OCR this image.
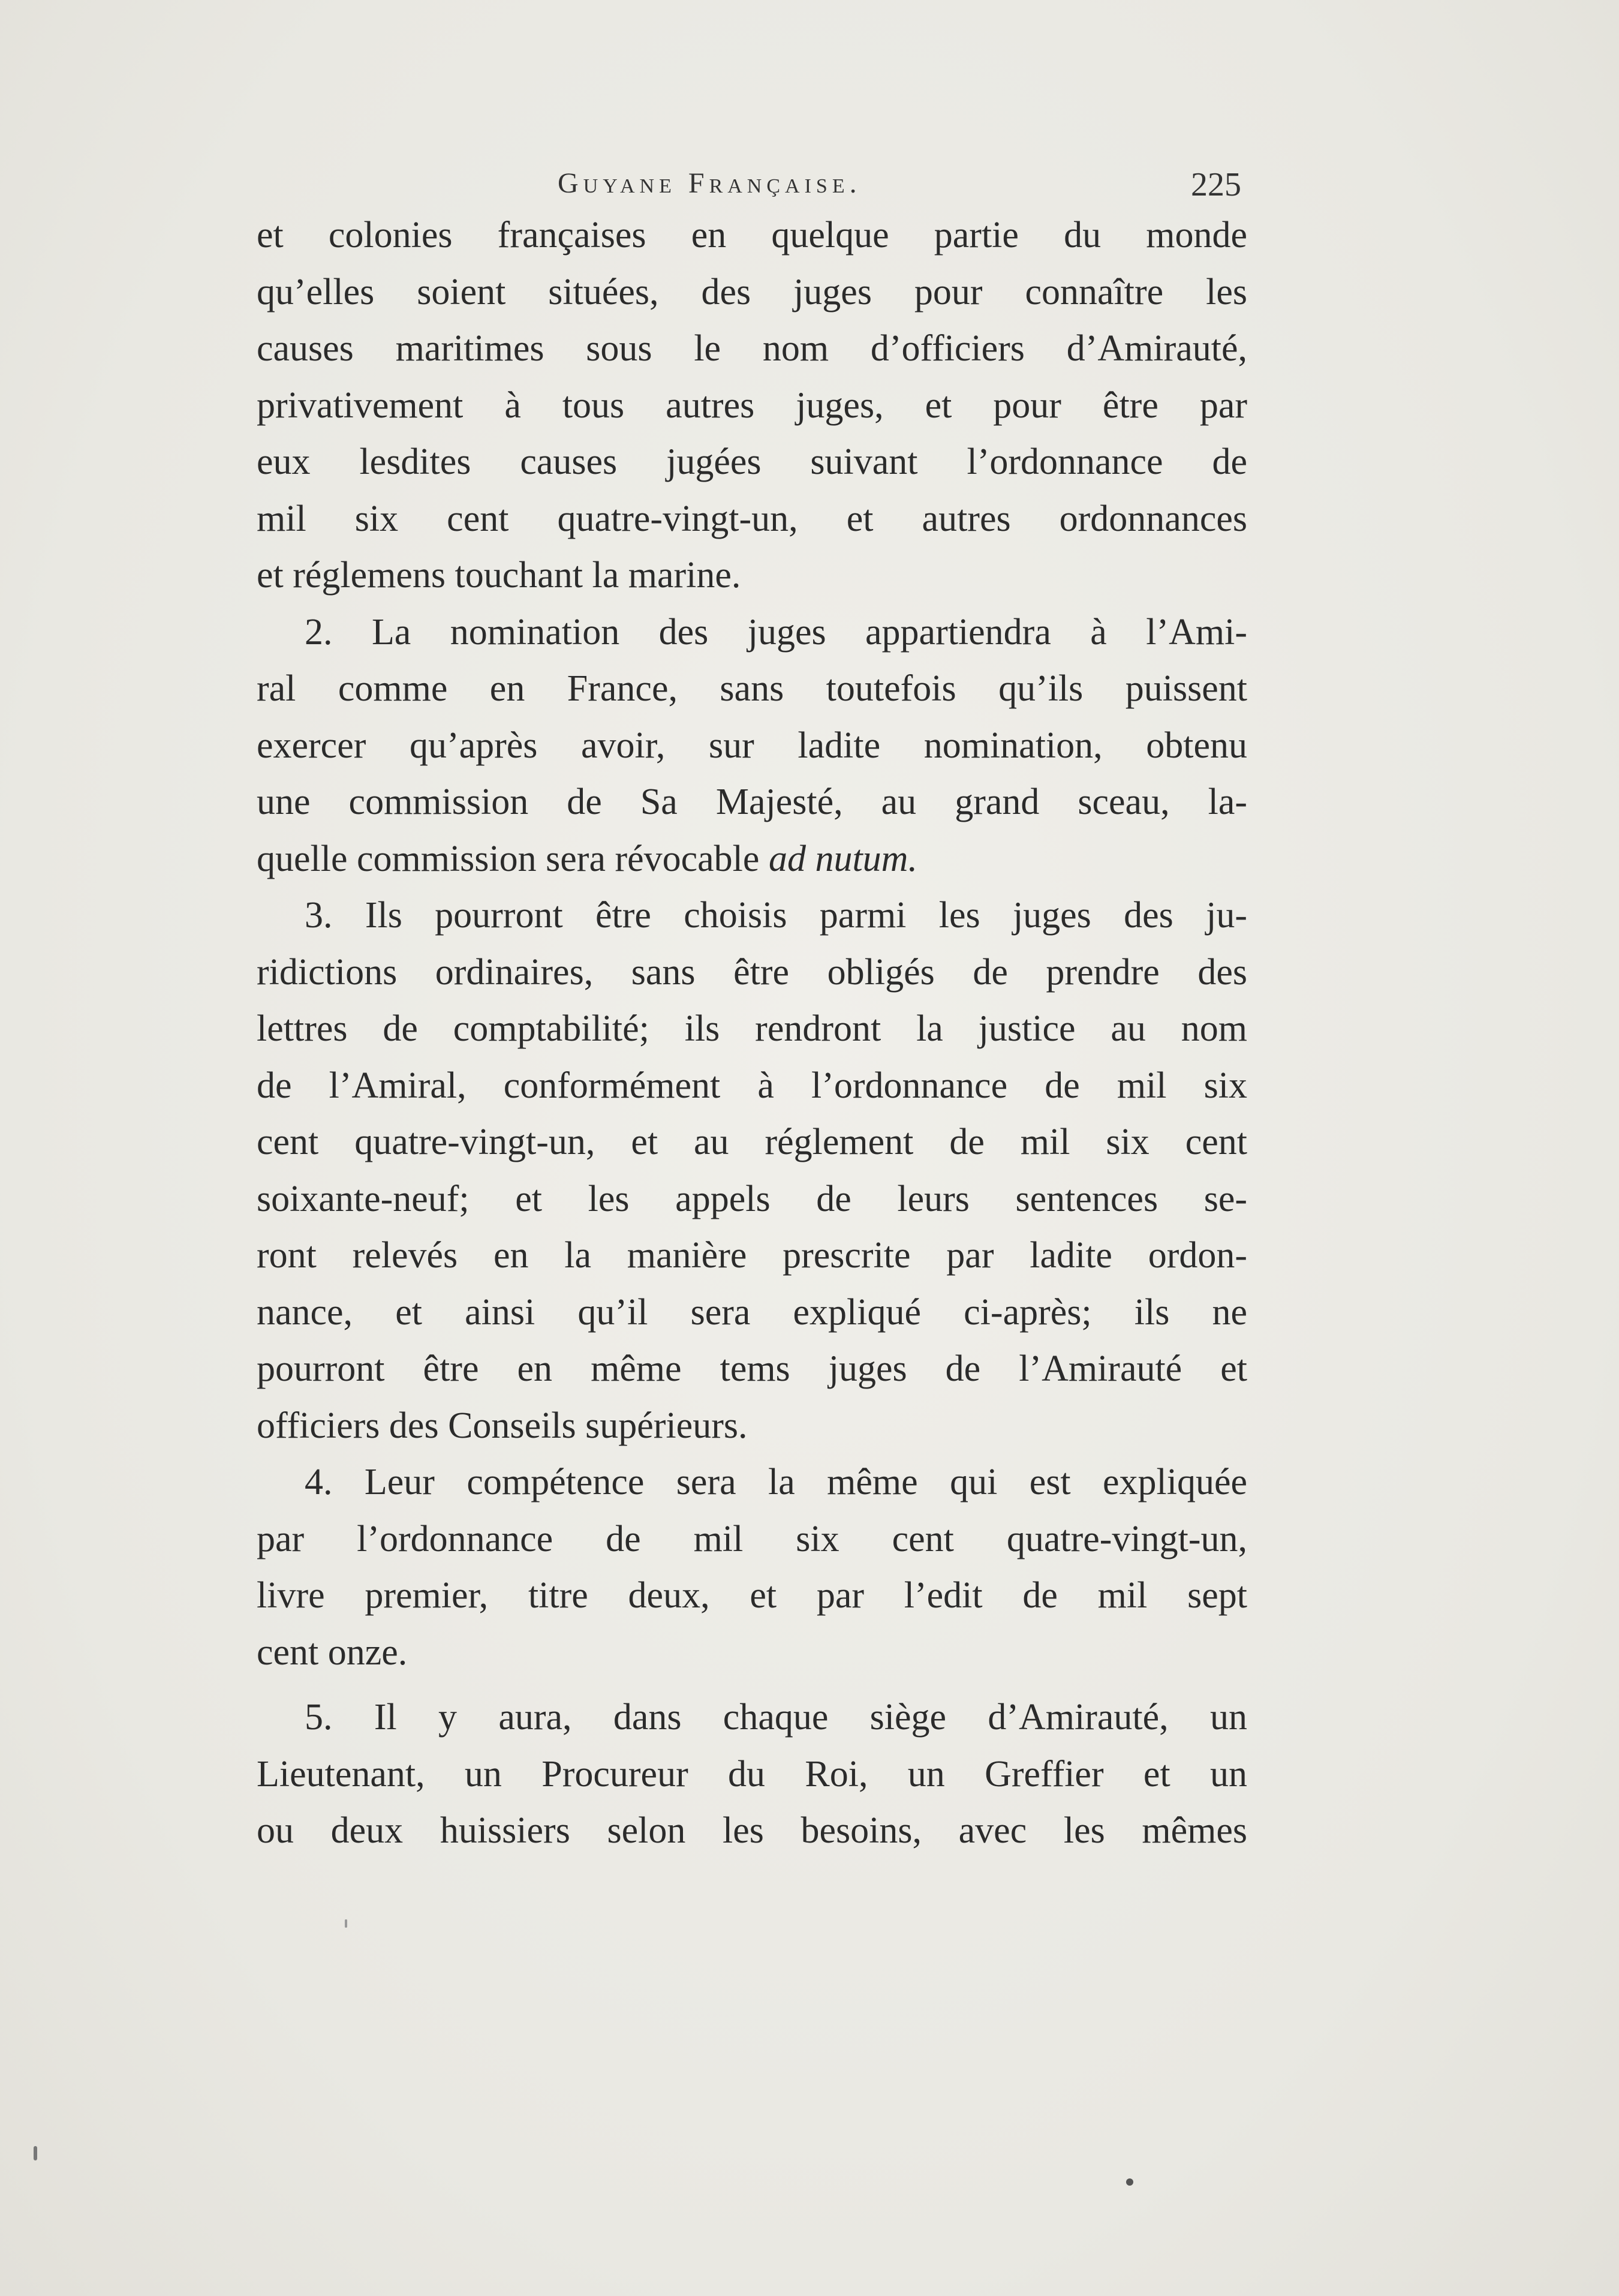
Guyane Française.	225
et colonies françaises en quelque partie du monde
qu’elles soient situées, des juges pour connaître les
causes maritimes sous le nom d’officiers d’Amirauté,
privativement à tous autres juges, et pour être par
eux lesdites causes jugées suivant l’ordonnance de
mil six cent quatre-vingt-un, et autres ordonnances
et réglemens touchant la marine.
2. La nomination des juges appartiendra à l’Ami-
ral comme en France, sans toutefois qu’ils puissent
exercer qu’après avoir, sur ladite nomination, obtenu
une commission de Sa Majesté, au grand sceau, la-
quelle commission sera révocable ad nutum.
3. Ils pourront être choisis parmi les juges des ju-
ridictions ordinaires, sans être obligés de prendre des
lettres de comptabilité; ils rendront la justice au nom
de l’Amiral, conformément à l’ordonnance de mil six
cent quatre-vingt-un, et au réglement de mil six cent
soixante-neuf; et les appels de leurs sentences se-
ront relevés en la manière prescrite par ladite ordon-
nance, et ainsi qu’il sera expliqué ci-après; ils ne
pourront être en même tems juges de l’Amirauté et
officiers des Conseils supérieurs.
4. Leur compétence sera la même qui est expliquée
par l’ordonnance de mil six cent quatre-vingt-un,
livre premier, titre deux, et par l’edit de mil sept
cent onze.
5. Il y aura, dans chaque siège d’Amirauté, un
Lieutenant, un Procureur du Roi, un Greffier et un
ou deux huissiers selon les besoins, avec les mêmes
